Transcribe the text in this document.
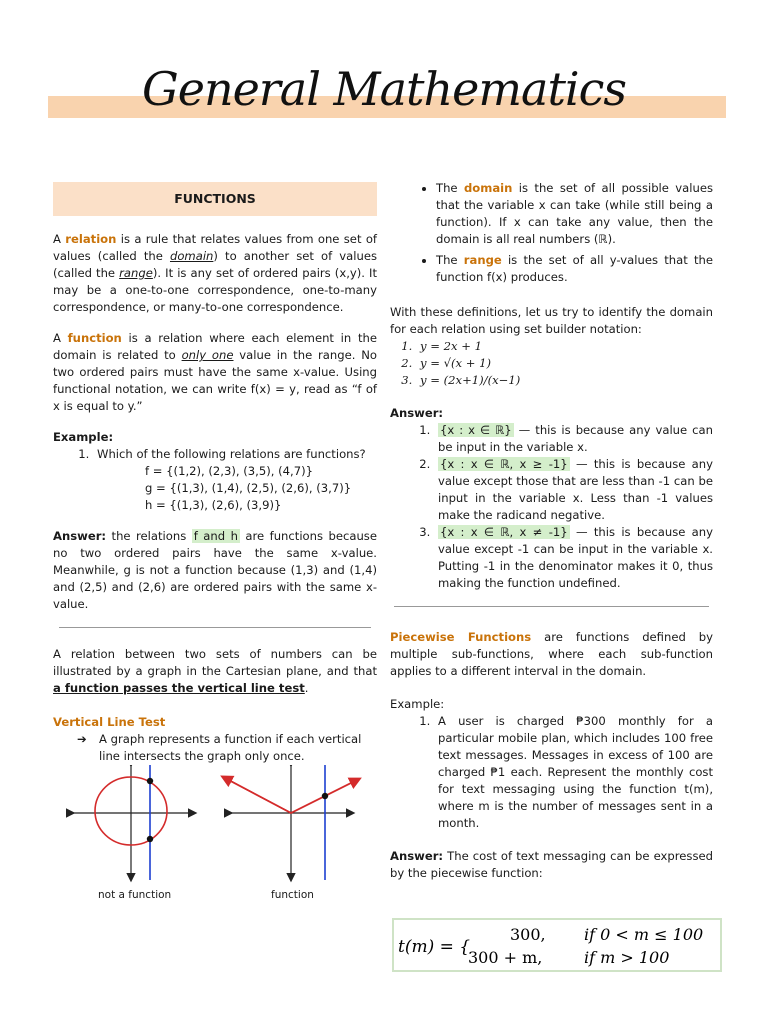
General Mathematics
FUNCTIONS

A relation is a rule that relates values from one set of values (called the domain) to another set of values (called the range). It is any set of ordered pairs (x,y). It may be a one-to-one correspondence, one-to-many correspondence, or many-to-one correspondence.

A function is a relation where each element in the domain is related to only one value in the range. No two ordered pairs must have the same x-value. Using functional notation, we can write f(x) = y, read as “f of x is equal to y.”

Example:
1. Which of the following relations are functions?
f = {(1,2), (2,3), (3,5), (4,7)}
g = {(1,3), (1,4), (2,5), (2,6), (3,7)}
h = {(1,3), (2,6), (3,9)}

Answer: the relations f and h are functions because no two ordered pairs have the same x-value. Meanwhile, g is not a function because (1,3) and (1,4) and (2,5) and (2,6) are ordered pairs with the same x-value.

A relation between two sets of numbers can be illustrated by a graph in the Cartesian plane, and that a function passes the vertical line test.

Vertical Line Test
➔	A graph represents a function if each vertical line intersects the graph only once.
not a function	function
• The domain is the set of all possible values that the variable x can take (while still being a function). If x can take any value, then the domain is all real numbers (ℝ).
• The range is the set of all y-values that the function f(x) produces.

With these definitions, let us try to identify the domain for each relation using set builder notation:

1. y = 2x + 1
2. y = √(x + 1)
3. y = (2x+1)/(x−1)
Answer:
1. {x : x ∈ ℝ} — this is because any value can be input in the variable x.
2. {x : x ∈ ℝ, x ≥ -1} — this is because any value except those that are less than -1 can be input in the variable x. Less than -1 values make the radicand negative.
3. {x : x ∈ ℝ, x ≠ -1} — this is because any value except -1 can be input in the variable x. Putting -1 in the denominator makes it 0, thus making the function undefined.

Piecewise Functions are functions defined by multiple sub-functions, where each sub-function applies to a different interval in the domain.

Example:
1. A user is charged ₱300 monthly for a particular mobile plan, which includes 100 free text messages. Messages in excess of 100 are charged ₱1 each. Represent the monthly cost for text messaging using the function t(m), where m is the number of messages sent in a month.

Answer: The cost of text messaging can be expressed by the piecewise function:

t(m) = {
300, if 0 < m ≤ 100
300 + m,	if m > 100
